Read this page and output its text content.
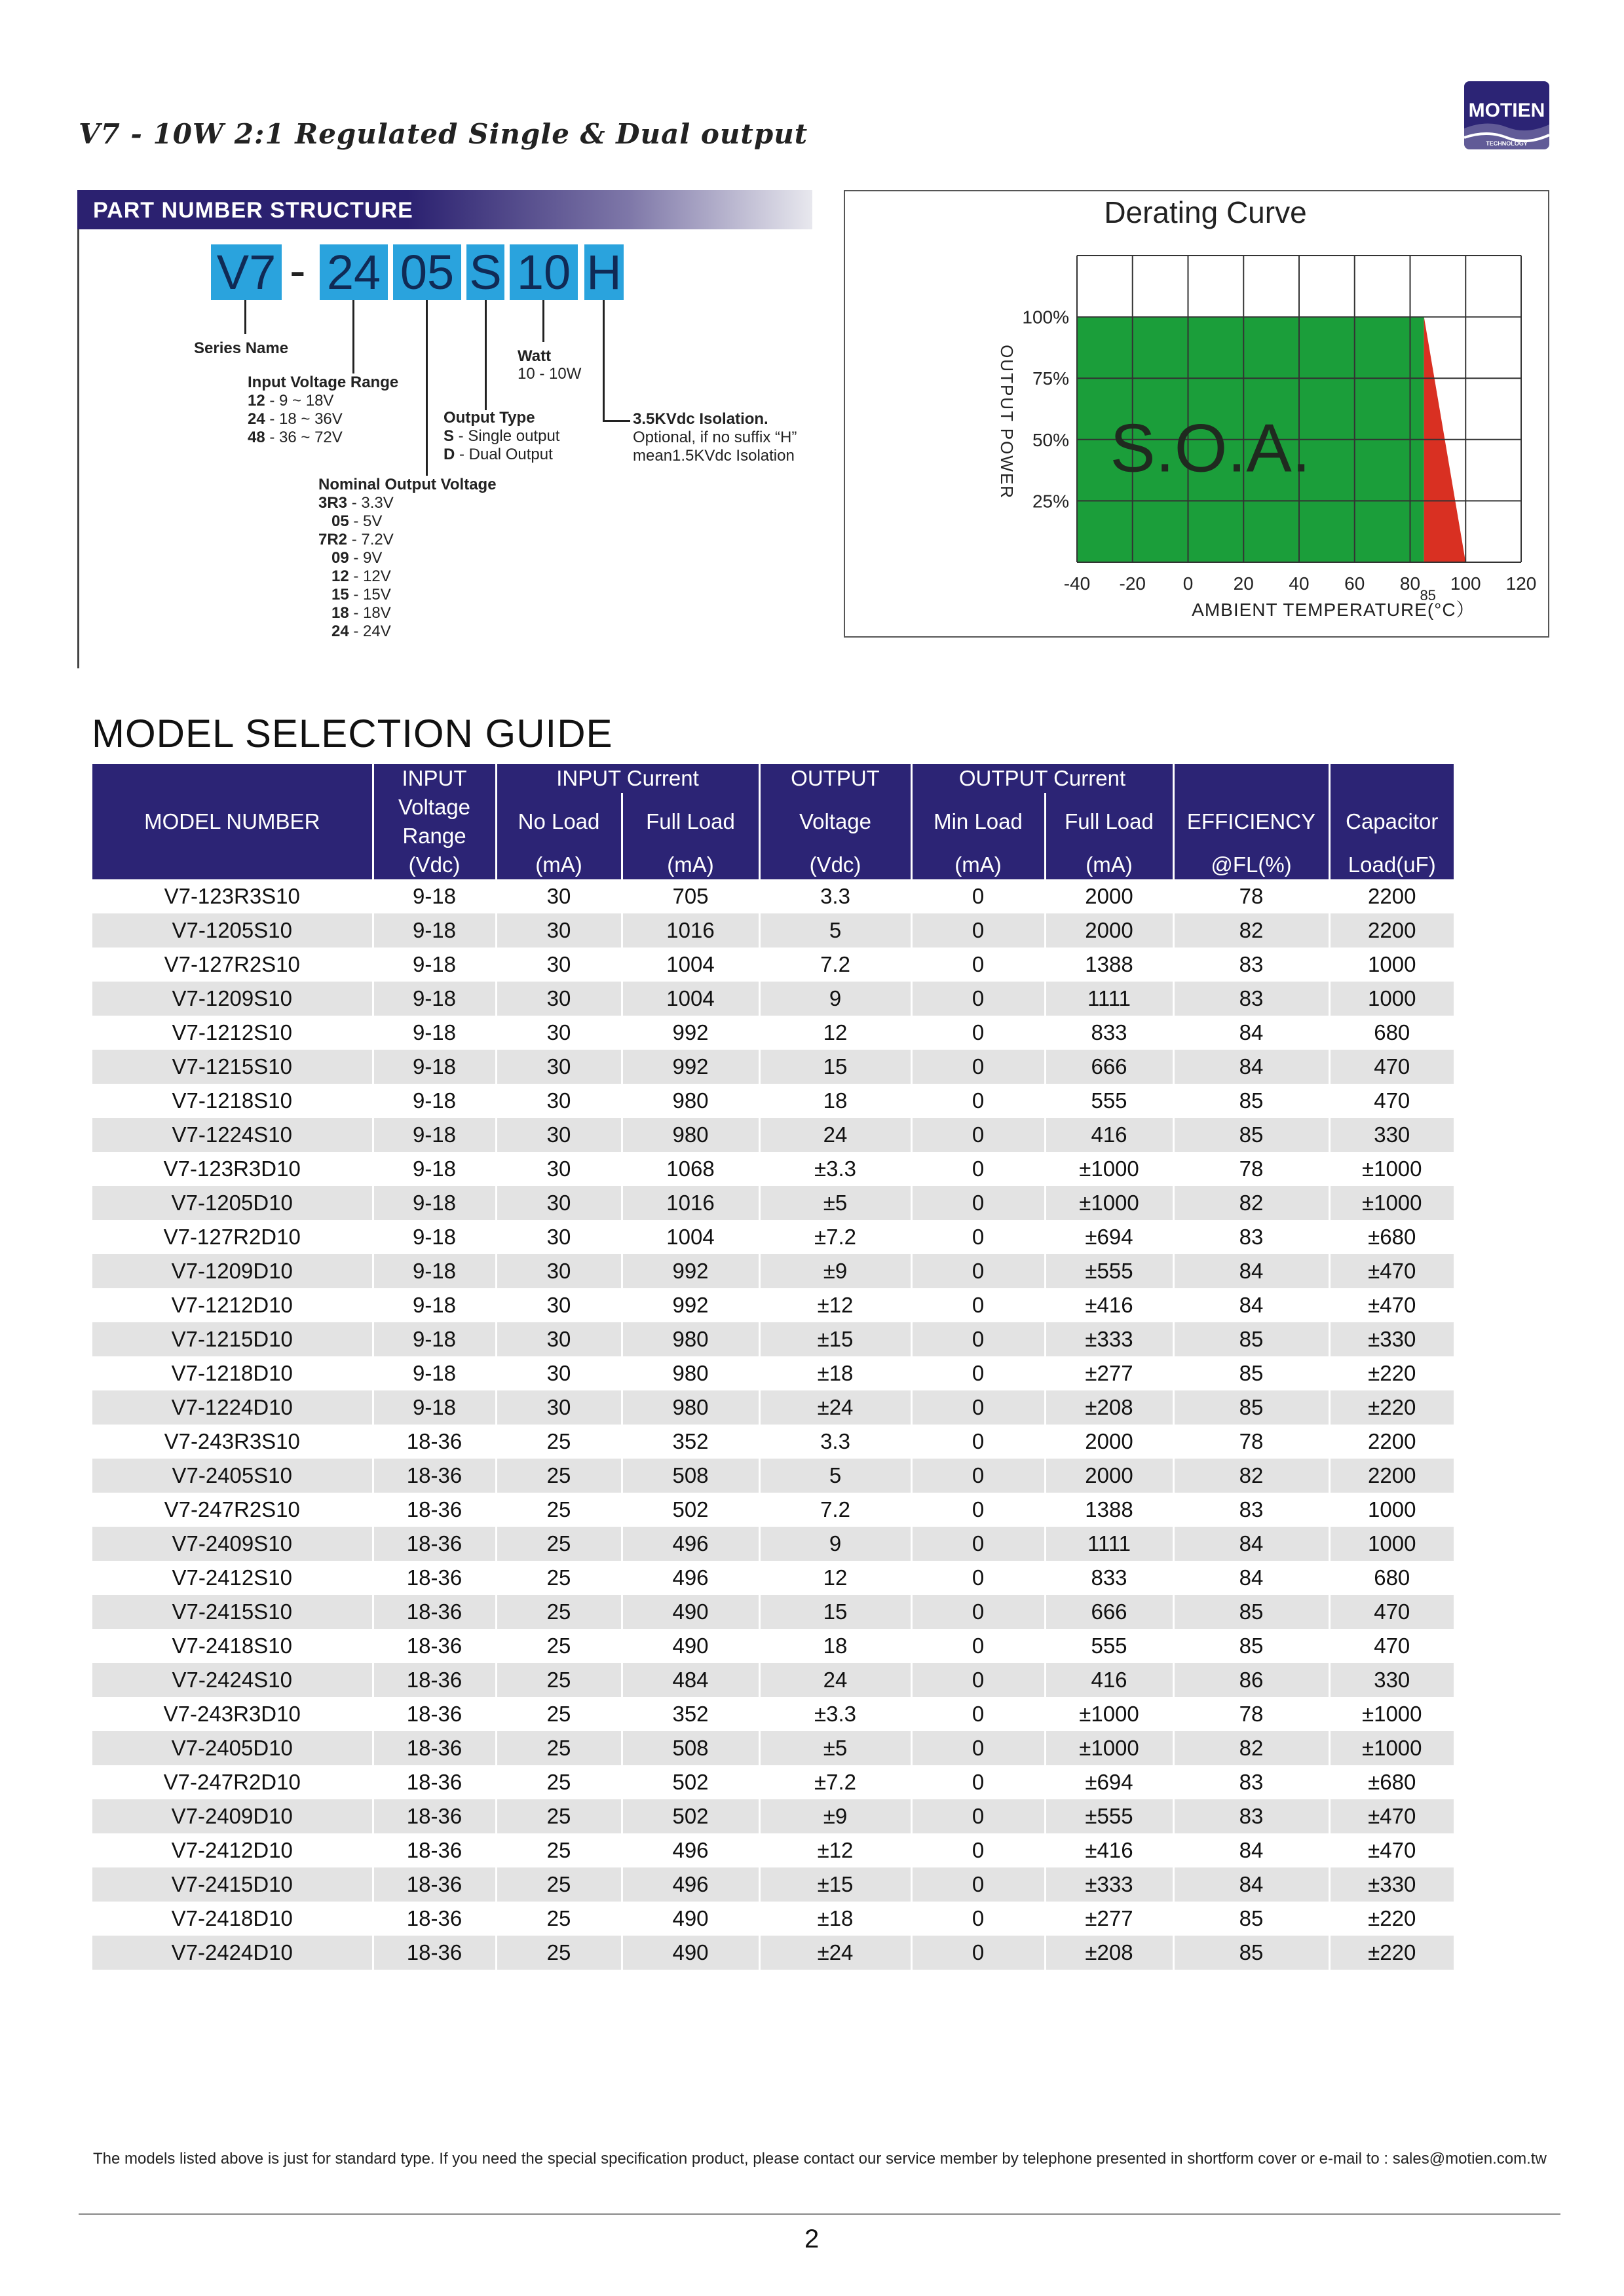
V7 - 10W 2:1 Regulated Single & Dual output
MOTIEN
TECHNOLOGY
PART NUMBER STRUCTURE
V7 - 24 05 S 10 H
Series Name	Watt
10 - 10W
Input Voltage Range
12 - 9 ~ 18V
24 - 18 ~ 36V
48 - 36 ~ 72V
Output Type
S - Single output
D - Dual Output
3.5KVdc Isolation.
Optional, if no suffix “H”
mean1.5KVdc Isolation
Nominal Output Voltage
3R3 - 3.3V
05 - 5V
7R2 - 7.2V
09 - 9V
12 - 12V
15 - 15V
18 - 18V
24 - 24V
Derating Curve
-40 -20 0 20 40 60 80 100 120
85
100%
75%
50%
25%
S.O.A.
OUTPUT POWER
AMBIENT TEMPERATURE(°C）
MODEL SELECTION GUIDE
	INPUT	INPUT Current		OUTPUT	OUTPUT Current			
MODEL NUMBER	Voltage Range	No Load	Full Load	Voltage	Min Load	Full Load	EFFICIENCY	Capacitor
	(Vdc)	(mA)	(mA)	(Vdc)	(mA)	(mA)	@FL(%)	Load(uF)
V7-123R3S10	9-18	30	705	3.3	0	2000	78	2200
V7-1205S10	9-18	30	1016	5	0	2000	82	2200
V7-127R2S10	9-18	30	1004	7.2	0	1388	83	1000
V7-1209S10	9-18	30	1004	9	0	1111	83	1000
V7-1212S10	9-18	30	992	12	0	833	84	680
V7-1215S10	9-18	30	992	15	0	666	84	470
V7-1218S10	9-18	30	980	18	0	555	85	470
V7-1224S10	9-18	30	980	24	0	416	85	330
V7-123R3D10	9-18	30	1068	±3.3	0	±1000	78	±1000
V7-1205D10	9-18	30	1016	±5	0	±1000	82	±1000
V7-127R2D10	9-18	30	1004	±7.2	0	±694	83	±680
V7-1209D10	9-18	30	992	±9	0	±555	84	±470
V7-1212D10	9-18	30	992	±12	0	±416	84	±470
V7-1215D10	9-18	30	980	±15	0	±333	85	±330
V7-1218D10	9-18	30	980	±18	0	±277	85	±220
V7-1224D10	9-18	30	980	±24	0	±208	85	±220
V7-243R3S10	18-36	25	352	3.3	0	2000	78	2200
V7-2405S10	18-36	25	508	5	0	2000	82	2200
V7-247R2S10	18-36	25	502	7.2	0	1388	83	1000
V7-2409S10	18-36	25	496	9	0	1111	84	1000
V7-2412S10	18-36	25	496	12	0	833	84	680
V7-2415S10	18-36	25	490	15	0	666	85	470
V7-2418S10	18-36	25	490	18	0	555	85	470
V7-2424S10	18-36	25	484	24	0	416	86	330
V7-243R3D10	18-36	25	352	±3.3	0	±1000	78	±1000
V7-2405D10	18-36	25	508	±5	0	±1000	82	±1000
V7-247R2D10	18-36	25	502	±7.2	0	±694	83	±680
V7-2409D10	18-36	25	502	±9	0	±555	83	±470
V7-2412D10	18-36	25	496	±12	0	±416	84	±470
V7-2415D10	18-36	25	496	±15	0	±333	84	±330
V7-2418D10	18-36	25	490	±18	0	±277	85	±220
V7-2424D10	18-36	25	490	±24	0	±208	85	±220
The models listed above is just for standard type. If you need the special specification product, please contact our service member by telephone presented in shortform cover or e-mail to : sales@motien.com.tw
2
